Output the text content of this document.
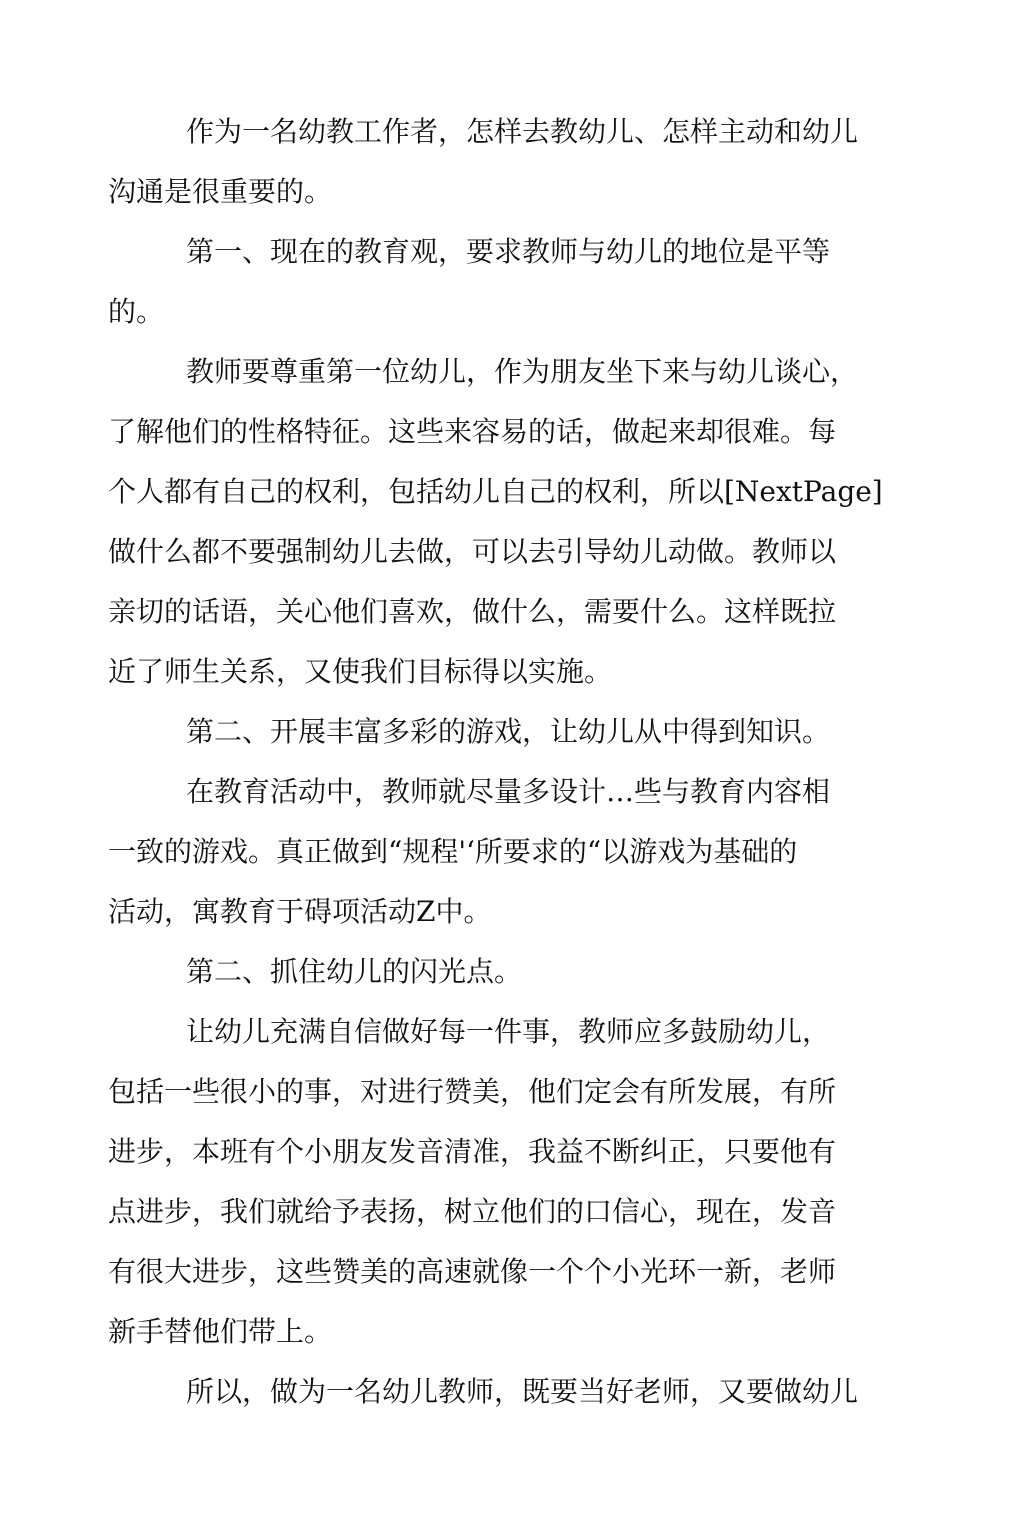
作为一名幼教工作者，怎样去教幼儿、怎样主动和幼儿
沟通是很重要的。
第一、现在的教育观，要求教师与幼儿的地位是平等
的。
教师要尊重第一位幼儿，作为朋友坐下来与幼儿谈心，
了解他们的性格特征。这些来容易的话，做起来却很难。每
个人都有自己的权利，包括幼儿自己的权利，所以[NextPage]
做什么都不要强制幼儿去做，可以去引导幼儿动做。教师以
亲切的话语，关心他们喜欢，做什么，需要什么。这样既拉
近了师生关系，又使我们目标得以实施。
第二、开展丰富多彩的游戏，让幼儿从中得到知识。
在教育活动中，教师就尽量多设计…些与教育内容相
一致的游戏。真正做到“规程'‘所要求的“以游戏为基础的
活动，寓教育于碍项活动Z中。
第二、抓住幼儿的闪光点。
让幼儿充满自信做好每一件事，教师应多鼓励幼儿，
包括一些很小的事，对进行赞美，他们定会有所发展，有所
进步，本班有个小朋友发音清准，我益不断纠正，只要他有
点进步，我们就给予表扬，树立他们的口信心，现在，发音
有很大进步，这些赞美的高速就像一个个小光环一新，老师
新手替他们带上。
所以，做为一名幼儿教师，既要当好老师，又要做幼儿
